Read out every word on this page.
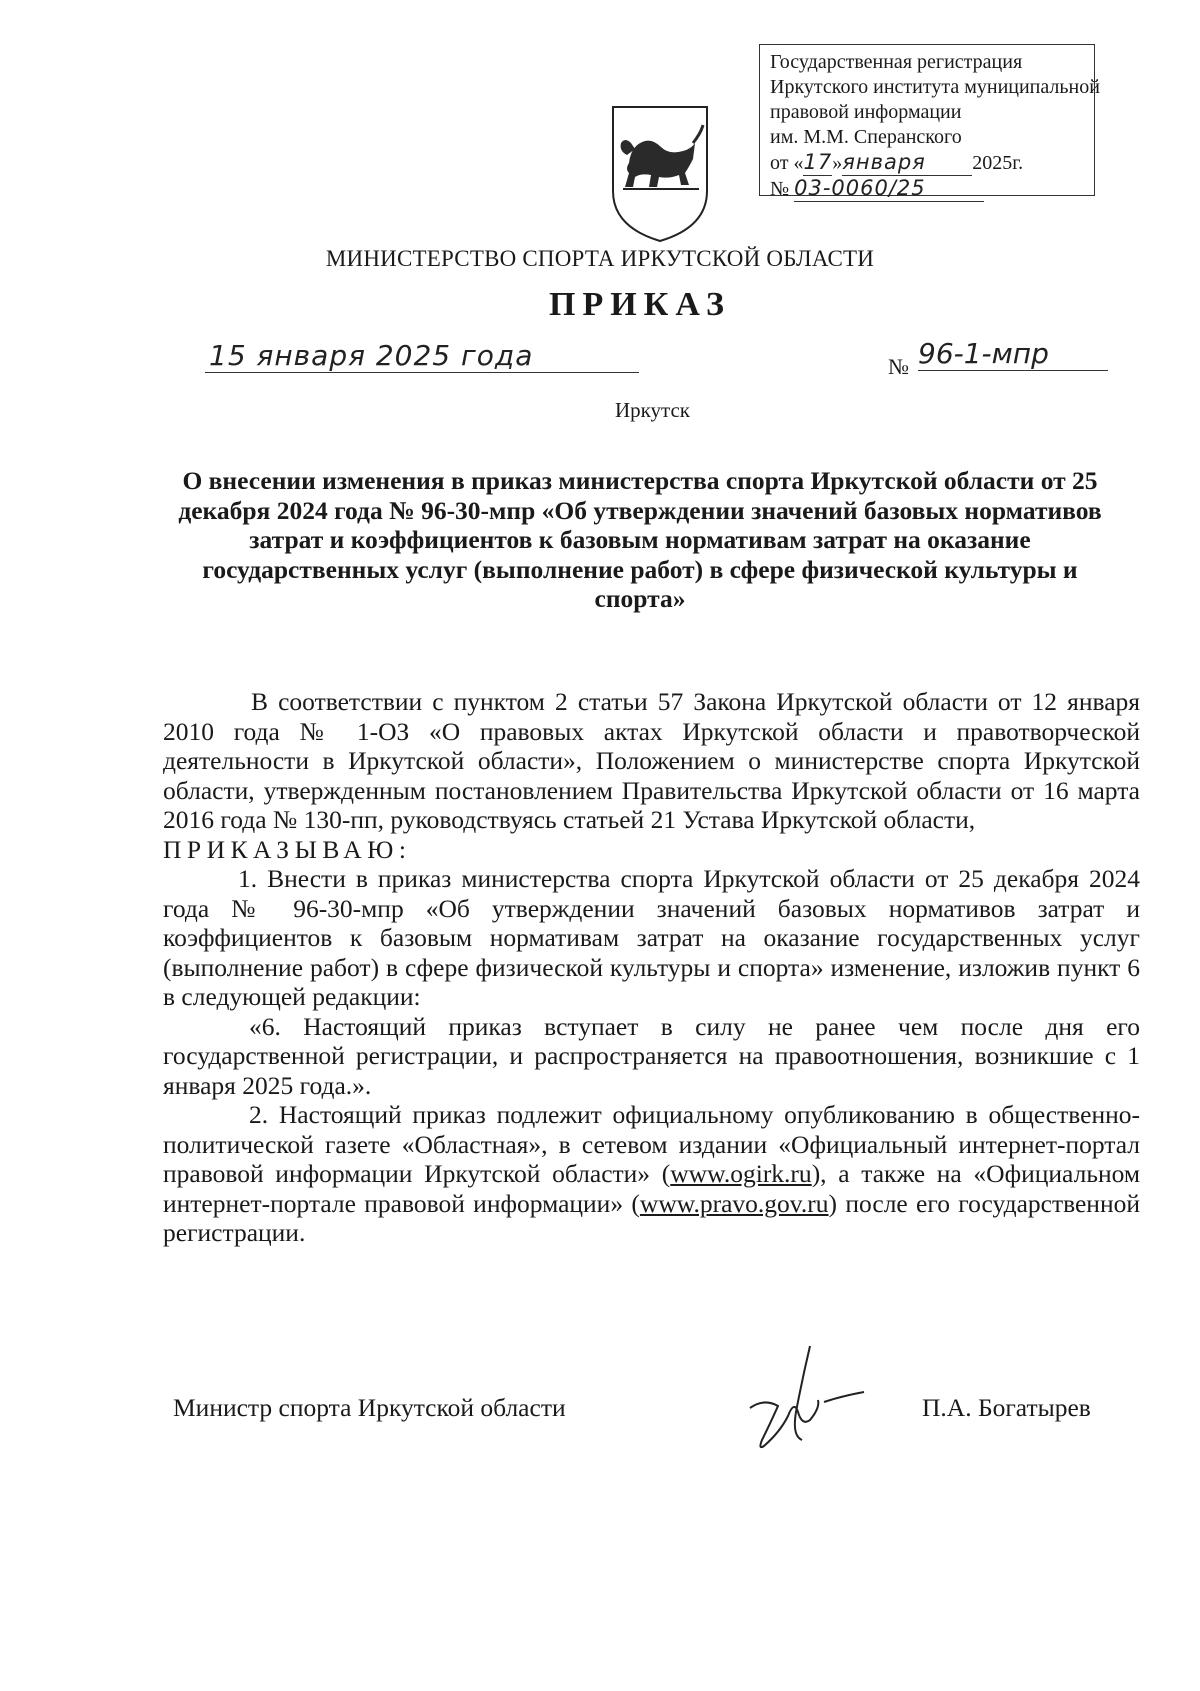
Государственная регистрация
Иркутского института муниципальной
правовой информации
им. М.М. Сперанского
от «17»января 2025г.
№ 03-0060/25
МИНИСТЕРСТВО СПОРТА ИРКУТСКОЙ ОБЛАСТИ
ПРИКАЗ
15 января 2025 года	№ 96-1-мпр
Иркутск
О внесении изменения в приказ министерства спорта Иркутской области от 25 декабря 2024 года № 96-30-мпр «Об утверждении значений базовых нормативов затрат и коэффициентов к базовым нормативам затрат на оказание государственных услуг (выполнение работ) в сфере физической культуры и спорта»

В соответствии с пунктом 2 статьи 57 Закона Иркутской области от 12 января 2010 года № 1-ОЗ «О правовых актах Иркутской области и правотворческой деятельности в Иркутской области», Положением о министерстве спорта Иркутской области, утвержденным постановлением Правительства Иркутской области от 16 марта 2016 года № 130-пп, руководствуясь статьей 21 Устава Иркутской области,

ПРИКАЗЫВАЮ:

1. Внести в приказ министерства спорта Иркутской области от 25 декабря 2024 года № 96-30-мпр «Об утверждении значений базовых нормативов затрат и коэффициентов к базовым нормативам затрат на оказание государственных услуг (выполнение работ) в сфере физической культуры и спорта» изменение, изложив пункт 6 в следующей редакции:

«6. Настоящий приказ вступает в силу не ранее чем после дня его государственной регистрации, и распространяется на правоотношения, возникшие с 1 января 2025 года.».

2. Настоящий приказ подлежит официальному опубликованию в общественно-политической газете «Областная», в сетевом издании «Официальный интернет-портал правовой информации Иркутской области» (www.ogirk.ru), а также на «Официальном интернет-портале правовой информации» (www.pravo.gov.ru) после его государственной регистрации.

Министр спорта Иркутской области	П.А. Богатырев
